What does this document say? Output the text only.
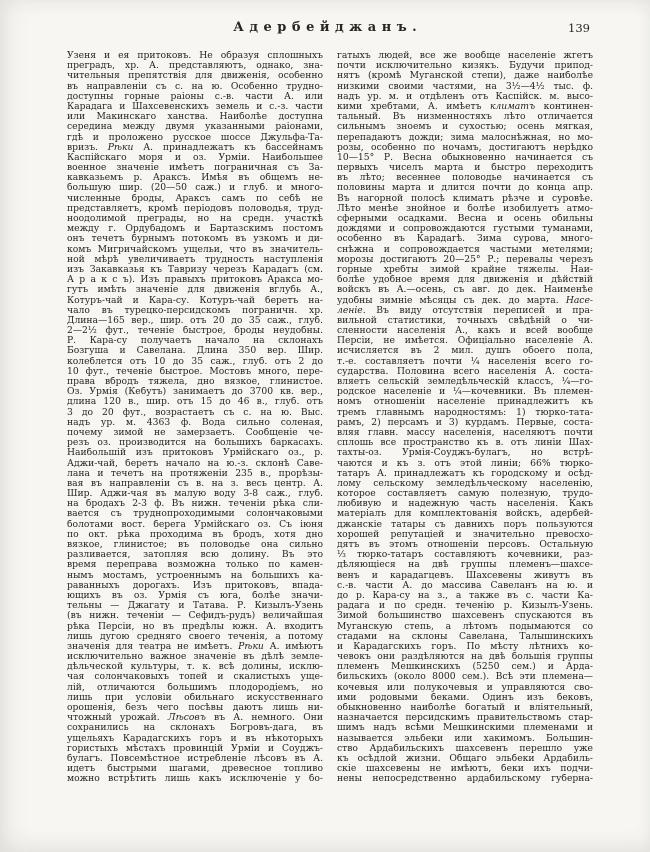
Адербейджанъ.	139
Узеня и ея притоковъ. Не образуя сплошныхъ
преградъ, хр. А. представляютъ, однако, зна-
чительныя препятствія для движенія, особенно
въ направленіи съ с. на ю. Особенно трудно-
доступны горные раіоны с.-в. части А. или
Карадага и Шахсевенскихъ земель и с.-з. части
или Макинскаго ханства. Наиболѣе доступна
середина между двумя указанными раіонами,
гдѣ и проложено русское шоссе Джульфа-Та-
вризъ. Рѣки А. принадлежатъ къ бассейнамъ
Каспійскаго моря и оз. Урміи. Наибольшее
военное значеніе имѣетъ пограничная съ За-
кавказьемъ р. Араксъ. Имѣя въ общемъ не-
большую шир. (20—50 саж.) и глуб. и много-
численные броды, Араксъ самъ по себѣ не
представляетъ, кромѣ періодовъ половодья, труд-
ноодолимой преграды, но на средн. участкѣ
между г. Ордубадомъ и Бартазскимъ постомъ
онъ течетъ бурнымъ потокомъ въ узкомъ и ди-
комъ Мигричайскомъ ущельи, что въ значитель-
ной мѣрѣ увеличиваетъ трудность наступленія
изъ Закавказья къ Тавризу черезъ Карадагъ (см.
А р а к с ъ). Изъ правыхъ притоковъ Аракса мо-
гутъ имѣть значеніе для движенія вглубь А.,
Котуръ-чай и Кара-су. Котуръ-чай беретъ на-
чало въ турецко-персидскомъ пограничн. хр.
Длина—165 вер., шир. отъ 20 до 35 саж., глуб.
2—2½ фут., теченіе быстрое, броды неудобны.
Р. Кара-су получаетъ начало на склонахъ
Бозгуша и Савелана. Длина 350 вер. Шир.
колеблется отъ 10 до 35 саж., глуб. отъ 2 до
10 фут., теченіе быстрое. Мостовъ много, пере-
права вбродъ тяжела, дно вязкое, глинистое.
Оз. Урмія (Кебутъ) занимаетъ до 3700 кв. вер.,
длина 120 в., шир. отъ 15 до 46 в., глуб. отъ
3 до 20 фут., возрастаетъ съ с. на ю. Выс.
надъ ур. м. 4363 ф. Вода сильно соленая,
почему зимой не замерзаетъ. Сообщеніе че-
резъ оз. производится на большихъ баркасахъ.
Наибольшій изъ притоковъ Урмійскаго оз., р.
Аджи-чай, беретъ начало на ю.-з. склонѣ Саве-
лана и течетъ на протяженіи 235 в., прорѣзы-
вая въ направленіи съ в. на з. весь центр. А.
Шир. Аджи-чая въ малую воду 3-8 саж., глуб.
на бродахъ 2-3 ф. Въ нижн. теченіи рѣка сли-
вается съ труднопроходимыми солончаковыми
болотами вост. берега Урмійскаго оз. Съ іюня
по окт. рѣка проходима въ бродъ, хотя дно
вязкое, глинистое; въ половодье она сильно
разливается, затопляя всю долину. Въ это
время переправа возможна только по камен-
нымъ мостамъ, устроеннымъ на большихъ ка-
раванныхъ дорогахъ. Изъ притоковъ, впада-
ющихъ въ оз. Урмія съ юга, болѣе значи-
тельны — Джагату и Татава. Р. Кизылъ-Узень
(въ нижн. теченіи — Сефидъ-рудъ) величайшая
рѣка Персіи, но въ предѣлы южн. А. входитъ
лишь дугою средняго своего теченія, а потому
значенія для театра не имѣетъ. Рѣки А. имѣютъ
исключительно важное значеніе въ дѣлѣ земле-
дѣльческой культуры, т. к. всѣ долины, исклю-
чая солончаковыхъ топей и скалистыхъ уще-
лій, отличаются большимъ плодородіемъ, но
лишь при условіи обильнаго искусственнаго
орошенія, безъ чего посѣвы даютъ лишь ни-
чтожный урожай. Лѣсовъ въ А. немного. Они
сохранились на склонахъ Богровъ-дага, въ
ущельяхъ Карадагскихъ горъ и въ нѣкоторыхъ
гористыхъ мѣстахъ провинцій Урміи и Соуджъ-
булагъ. Повсемѣстное истребленіе лѣсовъ въ А.
идетъ быстрыми шагами, древесное топливо
можно встрѣтить лишь какъ исключеніе у бо-
гатыхъ людей, все же вообще населеніе жгетъ
почти исключительно кизякъ. Будучи припод-
нятъ (кромѣ Муганской степи), даже наиболѣе
низкими своими частями, на 3½—4½ тыс. ф.
надъ ур. м. и отдѣленъ отъ Каспійск. м. высо-
кими хребтами, А. имѣетъ климатъ континен-
тальный. Въ низменностяхъ лѣто отличается
сильнымъ зноемъ и сухостью; осень мягкая,
перепадаютъ дожди; зима малоснѣжная, но мо-
розы, особенно по ночамъ, достигаютъ нерѣдко
10—15° Р. Весна обыкновенно начинается съ
первыхъ чиселъ марта и быстро переходитъ
въ лѣто; весеннее половодье начинается съ
половины марта и длится почти до конца апр.
Въ нагорной полосѣ климатъ рѣзче и суровѣе.
Лѣто менѣе знойное и болѣе изобилуетъ атмо-
сферными осадками. Весна и осень обильны
дождями и сопровождаются густыми туманами,
особенно въ Карадагѣ. Зима сурова, много-
снѣжна и сопровождается частыми метелями;
морозы достигаютъ 20—25° Р.; перевалы черезъ
горные хребты зимой крайне тяжелы. Наи-
болѣе удобное время для движенія и дѣйствій
войскъ въ А.—осень, съ авг. до дек. Наименѣе
удобны зимніе мѣсяцы съ дек. до марта. Насе-
леніе. Въ виду отсутствія переписей и пра-
вильной статистики, точныхъ свѣдѣній о чи-
сленности населенія А., какъ и всей вообще
Персіи, не имѣется. Офиціально населеніе А.
исчисляется въ 2 мил. душъ обоего пола,
т.-е. составляетъ почти ¼ населенія всего го-
сударства. Половина всего населенія А. соста-
вляетъ сельскій земледѣльческій классъ, ¼—го-
родское населеніе и ¼—кочевники. Въ племен-
номъ отношеніи населеніе принадлежитъ къ
тремъ главнымъ народностямъ: 1) тюрко-тата-
рамъ, 2) персамъ и 3) курдамъ. Первые, соста-
вляя главн. массу населенія, населяютъ почти
сплошь все пространство къ в. отъ линіи Шах-
тахты-оз. Урмія-Соуджъ-булагъ, но встрѣ-
чаются и къ з. отъ этой линіи; 66% тюрко-
татаръ А. принадлежатъ къ городскому и осѣд-
лому сельскому земледѣльческому населенію,
которое составляетъ самую полезную, трудо-
любивую и надежную часть населенія. Какъ
матеріалъ для комплектованія войскъ, адербей-
джанскіе татары съ давнихъ поръ пользуются
хорошей репутаціей и значительно превосхо-
дятъ въ этомъ отношеніи персовъ. Остальную
⅓ тюрко-татаръ составляютъ кочевники, раз-
дѣляющіеся на двѣ группы племенъ—шахсе-
венъ и карадагцевъ. Шахсевены живутъ въ
с.-в. части А. до массива Савеланъ на ю. и
до р. Кара-су на з., а также въ с. части Ка-
радага и по средн. теченію р. Кизылъ-Узень.
Зимой большинство шахсевенъ спускаются въ
Муганскую степь, а лѣтомъ подымаются со
стадами на склоны Савелана, Талышинскихъ
и Карадагскихъ горъ. По мѣсту лѣтнихъ ко-
чевокъ они раздѣляются на двѣ большія группы
племенъ Мешкинскихъ (5250 сем.) и Арда-
бильскихъ (около 8000 сем.). Всѣ эти племена—
кочевыя или полукочевыя и управляются сво-
ими родовыми беками. Одинъ изъ бековъ,
обыкновенно наиболѣе богатый и вліятельный,
назначается персидскимъ правительствомъ стар-
шимъ надъ всѣми Мешкинскими племенами и
называется эльбеки или хакимомъ. Большин-
ство Ардабильскихъ шахсевенъ перешло уже
къ осѣдлой жизни. Общаго эльбеки Ардабиль-
скіе шахсевены не имѣютъ, беки ихъ подчи-
нены непосредственно ардабильскому губерна-
